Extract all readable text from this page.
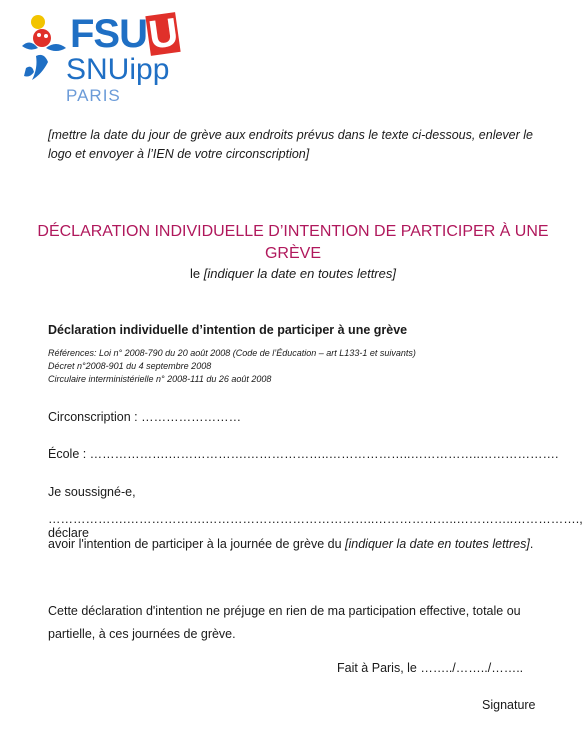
FSUU
SNUipp
PARIS
[mettre la date du jour de grève aux endroits prévus dans le texte ci-dessous, enlever le logo et envoyer à l’IEN de votre circonscription]
DÉCLARATION INDIVIDUELLE D’INTENTION DE PARTICIPER À UNE GRÈVE
le [indiquer la date en toutes lettres]
Déclaration individuelle d’intention de participer à une grève
Références: Loi n° 2008-790 du 20 août 2008 (Code de l’Éducation – art L133-1 et suivants)
Décret n°2008-901 du 4 septembre 2008
Circulaire interministérielle n° 2008-111 du 26 août 2008
Circonscription : ……………………
École : ……………….……………….………………..………………..……………..……………….
Je soussigné-e,
……………….……………….…………………………………..………………..…………..……………., déclare
avoir l'intention de participer à la journée de grève du [indiquer la date en toutes lettres].
Cette déclaration d'intention ne préjuge en rien de ma participation effective, totale ou partielle, à ces journées de grève.
Fait à Paris, le ……../……../……..
Signature
